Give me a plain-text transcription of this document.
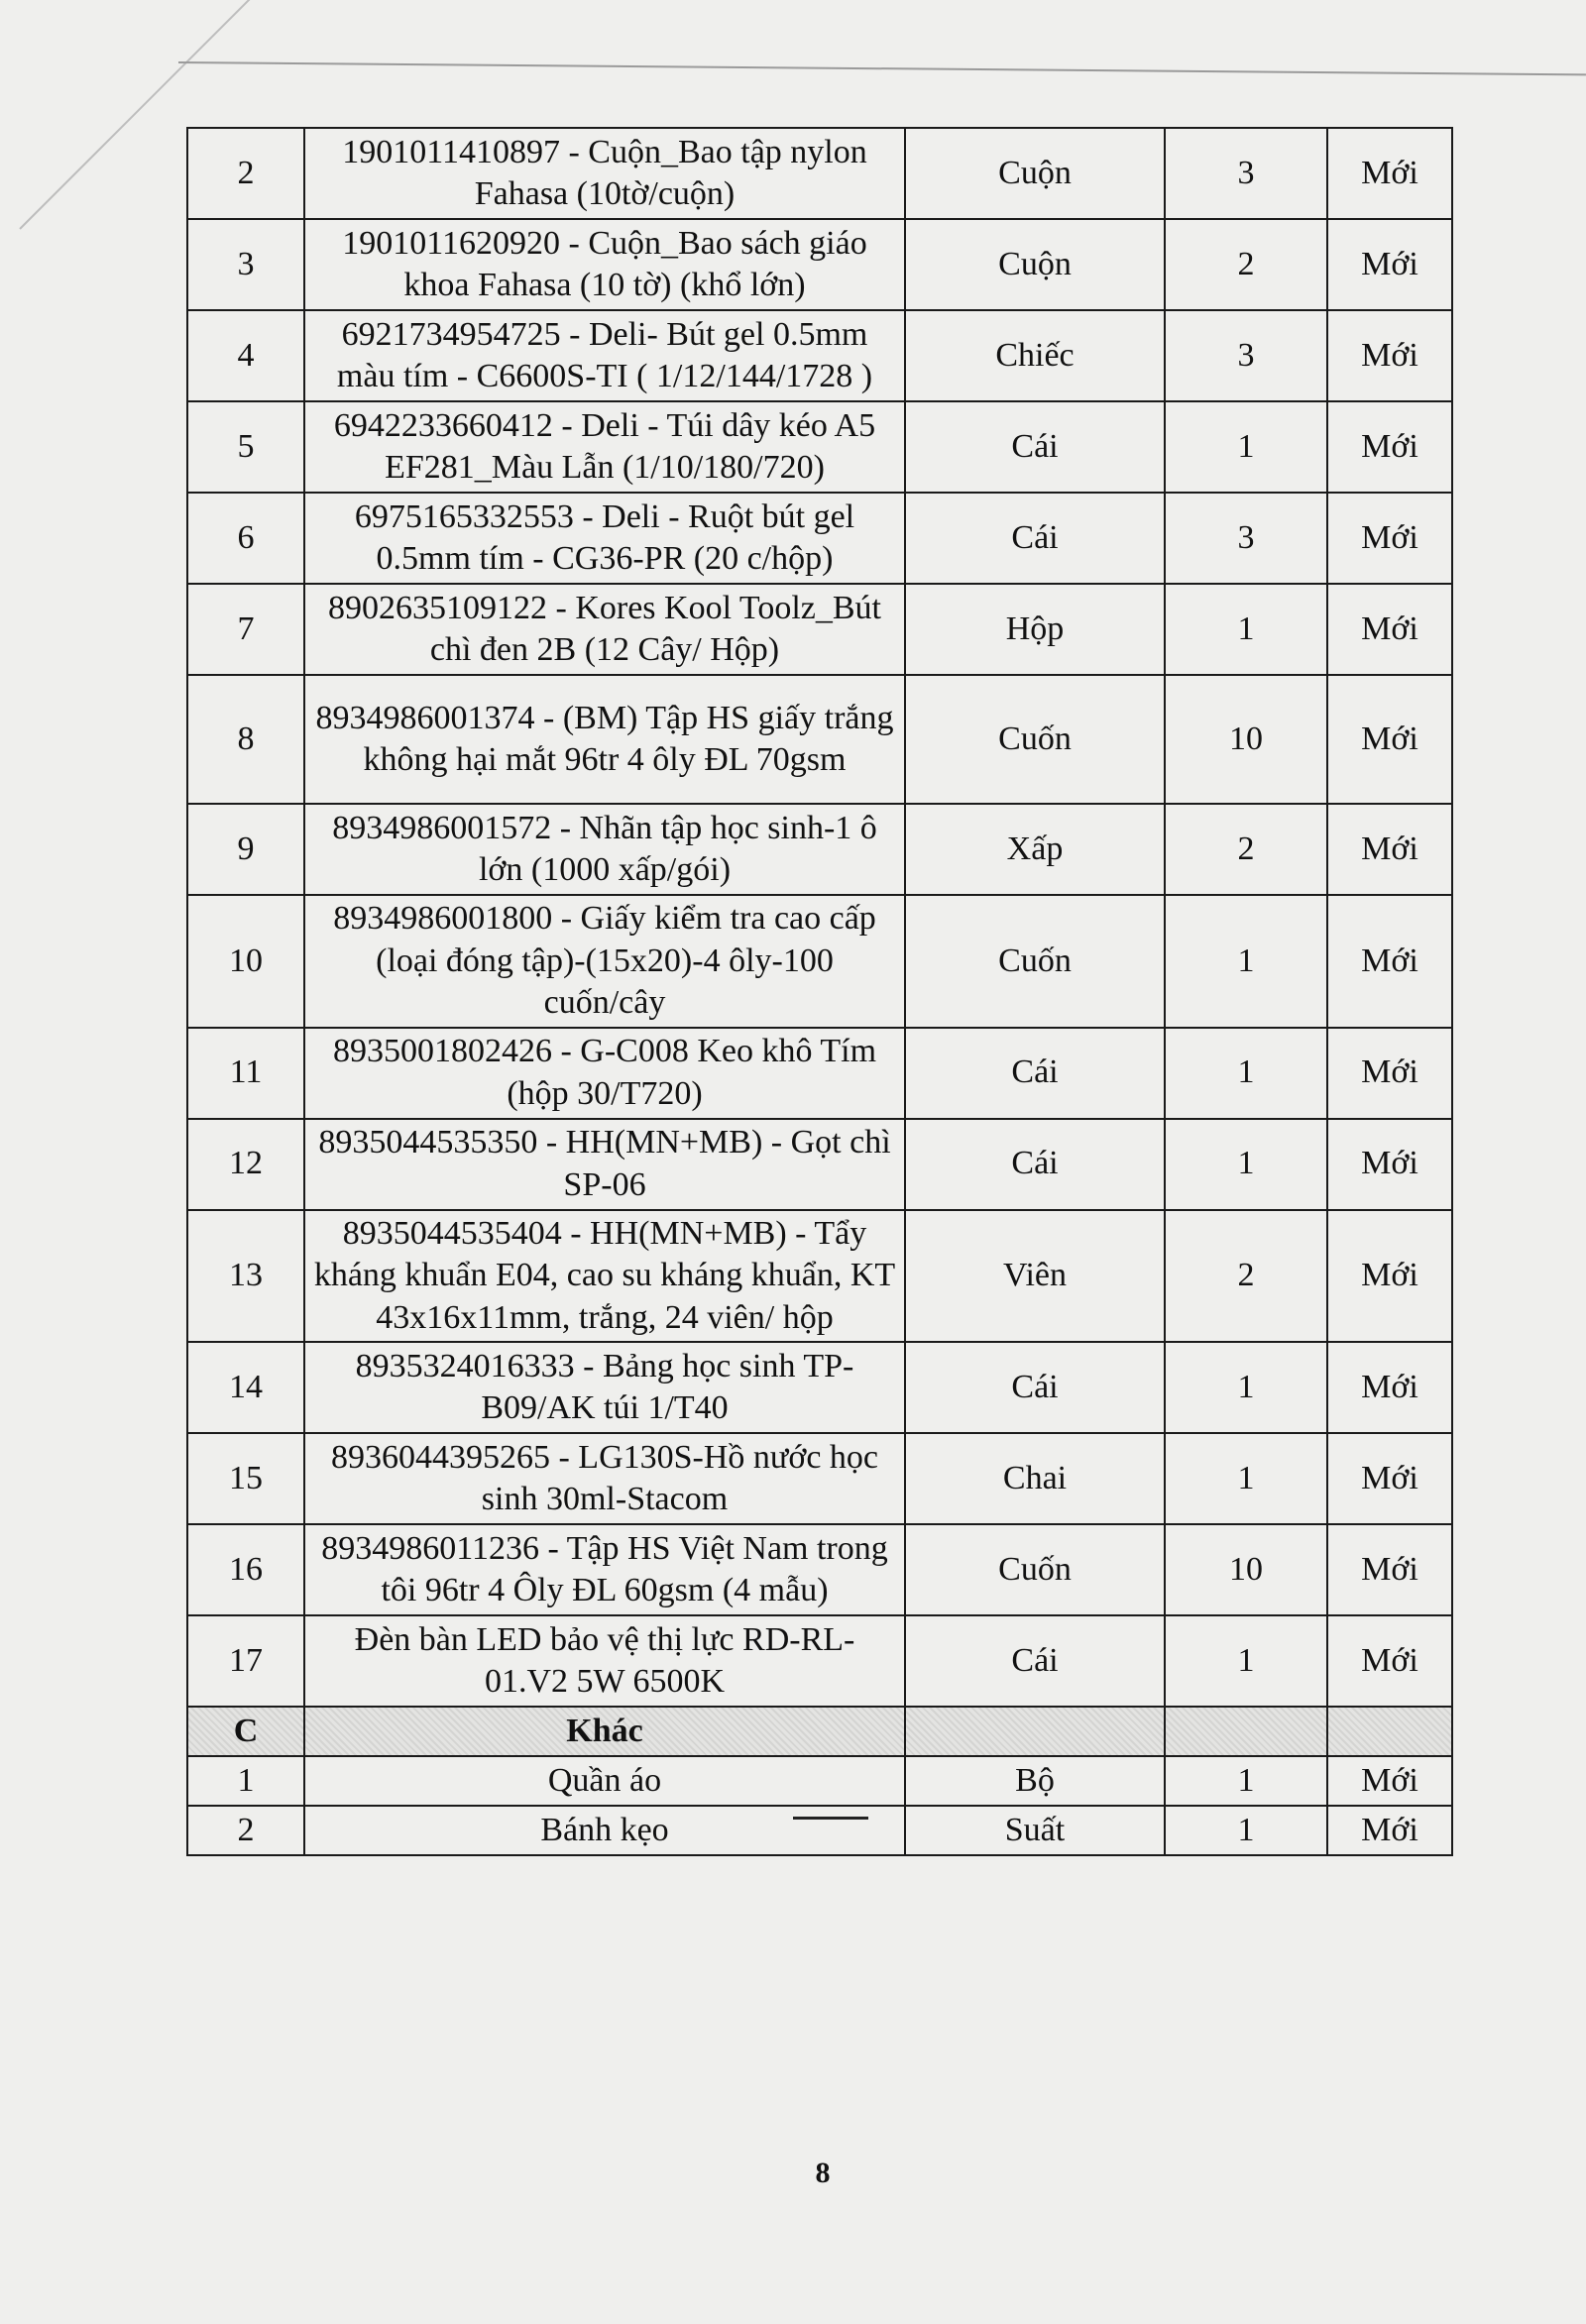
2	1901011410897 - Cuộn_Bao tập nylon Fahasa (10tờ/cuộn)	Cuộn	3	Mới
3	1901011620920 - Cuộn_Bao sách giáo khoa Fahasa (10 tờ) (khổ lớn)	Cuộn	2	Mới
4	6921734954725 - Deli- Bút gel 0.5mm màu tím - C6600S-TI ( 1/12/144/1728 )	Chiếc	3	Mới
5	6942233660412 - Deli - Túi dây kéo A5 EF281_Màu Lẫn (1/10/180/720)	Cái	1	Mới
6	6975165332553 - Deli - Ruột bút gel 0.5mm tím - CG36-PR (20 c/hộp)	Cái	3	Mới
7	8902635109122 - Kores Kool Toolz_Bút chì đen 2B (12 Cây/ Hộp)	Hộp	1	Mới
8	8934986001374 - (BM) Tập HS giấy trắng không hại mắt 96tr 4 ôly ĐL 70gsm	Cuốn	10	Mới
9	8934986001572 - Nhãn tập học sinh-1 ô lớn (1000 xấp/gói)	Xấp	2	Mới
10	8934986001800 - Giấy kiểm tra cao cấp (loại đóng tập)-(15x20)-4 ôly-100 cuốn/cây	Cuốn	1	Mới
11	8935001802426 - G-C008 Keo khô Tím (hộp 30/T720)	Cái	1	Mới
12	8935044535350 - HH(MN+MB) - Gọt chì SP-06	Cái	1	Mới
13	8935044535404 - HH(MN+MB) - Tẩy kháng khuẩn E04, cao su kháng khuẩn, KT 43x16x11mm, trắng, 24 viên/ hộp	Viên	2	Mới
14	8935324016333 - Bảng học sinh TP-B09/AK túi 1/T40	Cái	1	Mới
15	8936044395265 - LG130S-Hồ nước học sinh 30ml-Stacom	Chai	1	Mới
16	8934986011236 - Tập HS Việt Nam trong tôi 96tr 4 Ôly ĐL 60gsm (4 mẫu)	Cuốn	10	Mới
17	Đèn bàn LED bảo vệ thị lực RD-RL-01.V2 5W 6500K	Cái	1	Mới
C	Khác			
1	Quần áo	Bộ	1	Mới
2	Bánh kẹo	Suất	1	Mới
8
